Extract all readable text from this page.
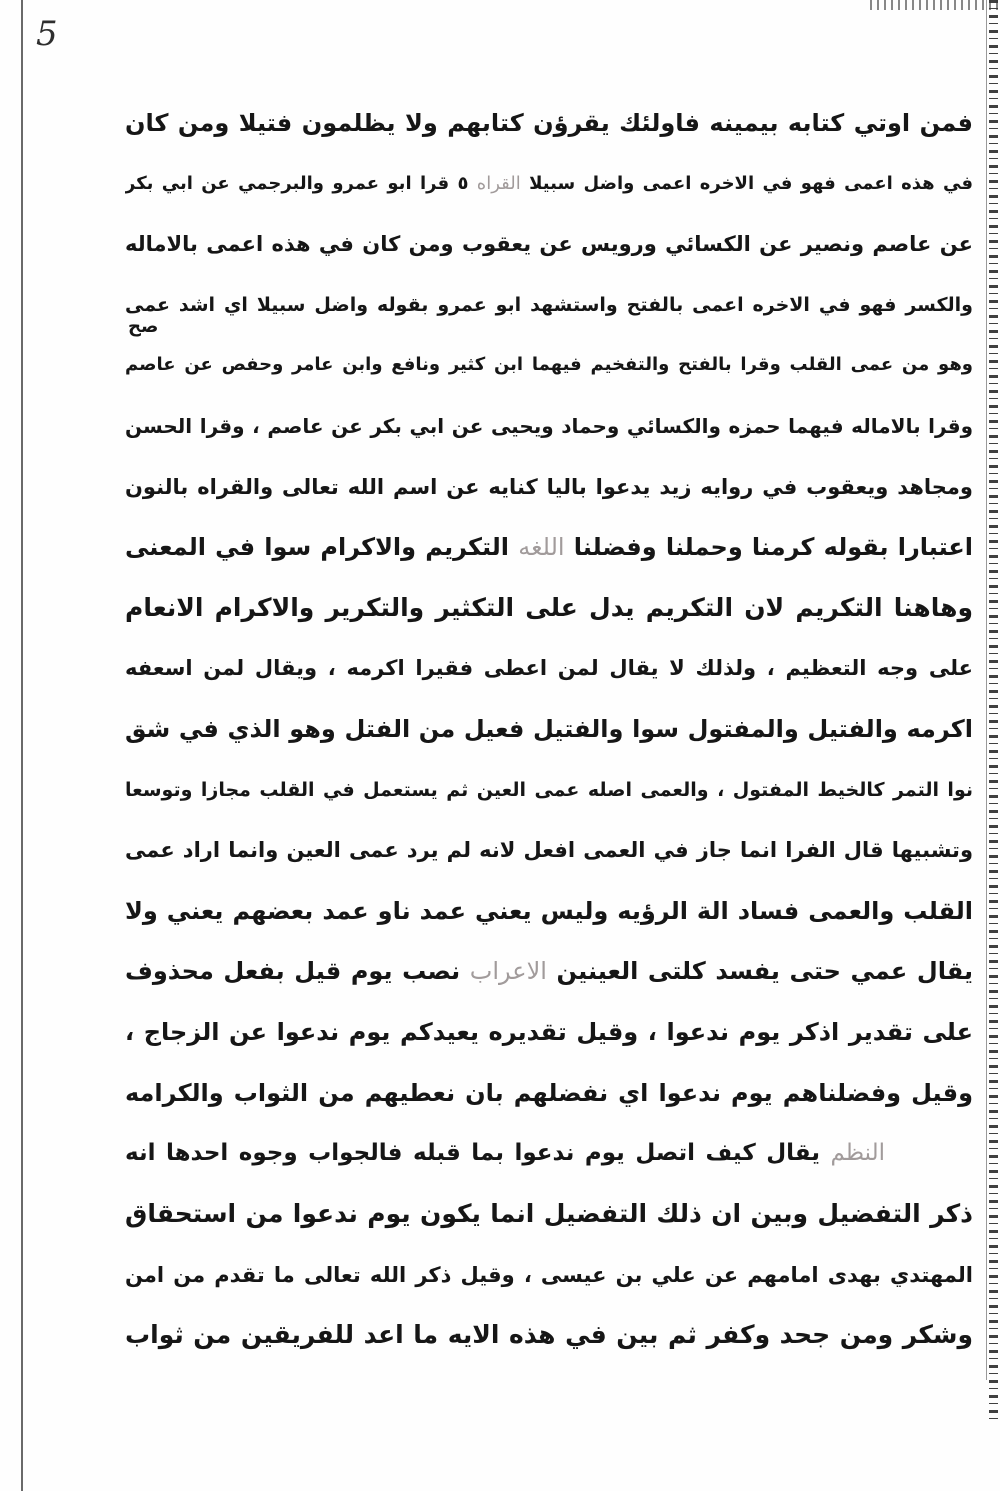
5
صح
فمن اوتي كتابه بيمينه فاولئك يقرؤن كتابهم ولا يظلمون فتيلا ومن كان
في هذه اعمى فهو في الاخره اعمى واضل سبيلا القراه ٥ قرا ابو عمرو والبرجمي عن ابي بكر
عن عاصم ونصير عن الكسائي ورويس عن يعقوب ومن كان في هذه اعمى بالاماله
والكسر فهو في الاخره اعمى بالفتح واستشهد ابو عمرو بقوله واضل سبيلا اي اشد عمى
وهو من عمى القلب وقرا بالفتح والتفخيم فيهما ابن كثير ونافع وابن عامر وحفص عن عاصم
وقرا بالاماله فيهما حمزه والكسائي وحماد ويحيى عن ابي بكر عن عاصم ، وقرا الحسن
ومجاهد ويعقوب في روايه زيد يدعوا باليا كنايه عن اسم الله تعالى والقراه بالنون
اعتبارا بقوله كرمنا وحملنا وفضلنا اللغه التكريم والاكرام سوا في المعنى
وهاهنا التكريم لان التكريم يدل على التكثير والتكرير والاكرام الانعام
على وجه التعظيم ، ولذلك لا يقال لمن اعطى فقيرا اكرمه ، ويقال لمن اسعفه
اكرمه والفتيل والمفتول سوا والفتيل فعيل من الفتل وهو الذي في شق
نوا التمر كالخيط المفتول ، والعمى اصله عمى العين ثم يستعمل في القلب مجازا وتوسعا
وتشبيها قال الفرا انما جاز في العمى افعل لانه لم يرد عمى العين وانما اراد عمى
القلب والعمى فساد الة الرؤيه وليس يعني عمد ناو عمد بعضهم يعني ولا
يقال عمي حتى يفسد كلتى العينين الاعراب نصب يوم قيل بفعل محذوف
على تقدير اذكر يوم ندعوا ، وقيل تقديره يعيدكم يوم ندعوا عن الزجاج ،
وقيل وفضلناهم يوم ندعوا اي نفضلهم بان نعطيهم من الثواب والكرامه
النظم يقال كيف اتصل يوم ندعوا بما قبله فالجواب وجوه احدها انه
ذكر التفضيل وبين ان ذلك التفضيل انما يكون يوم ندعوا من استحقاق
المهتدي بهدى امامهم عن علي بن عيسى ، وقيل ذكر الله تعالى ما تقدم من امن
وشكر ومن جحد وكفر ثم بين في هذه الايه ما اعد للفريقين من ثواب
